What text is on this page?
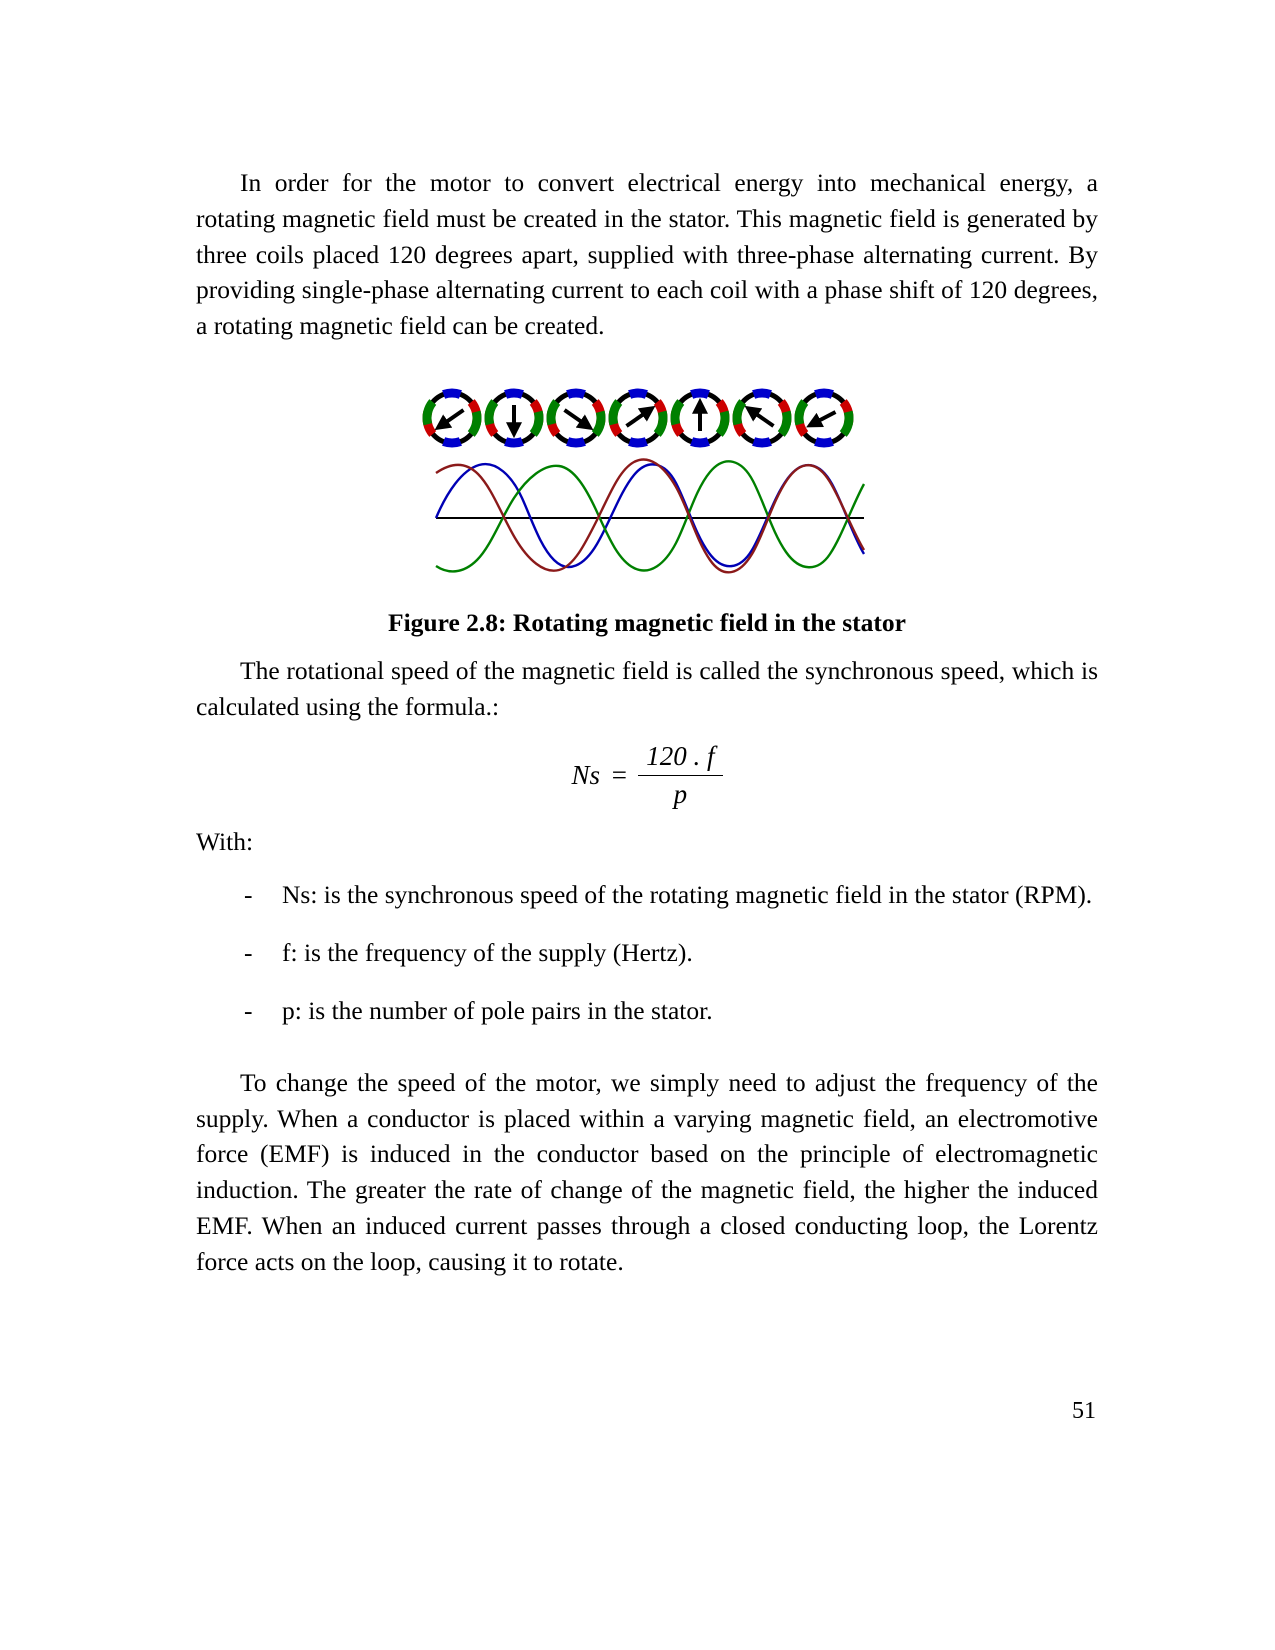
In order for the motor to convert electrical energy into mechanical energy, a rotating magnetic field must be created in the stator. This magnetic field is generated by three coils placed 120 degrees apart, supplied with three-phase alternating current. By providing single-phase alternating current to each coil with a phase shift of 120 degrees, a rotating magnetic field can be created.

Figure 2.8: Rotating magnetic field in the stator

The rotational speed of the magnetic field is called the synchronous speed, which is calculated using the formula.:

$Ns = \frac{120 . f}{p}$

With:

-	Ns: is the synchronous speed of the rotating magnetic field in the stator (RPM).
-	f: is the frequency of the supply (Hertz).
-	p: is the number of pole pairs in the stator.

To change the speed of the motor, we simply need to adjust the frequency of the supply. When a conductor is placed within a varying magnetic field, an electromotive force (EMF) is induced in the conductor based on the principle of electromagnetic induction. The greater the rate of change of the magnetic field, the higher the induced EMF. When an induced current passes through a closed conducting loop, the Lorentz force acts on the loop, causing it to rotate.

51
